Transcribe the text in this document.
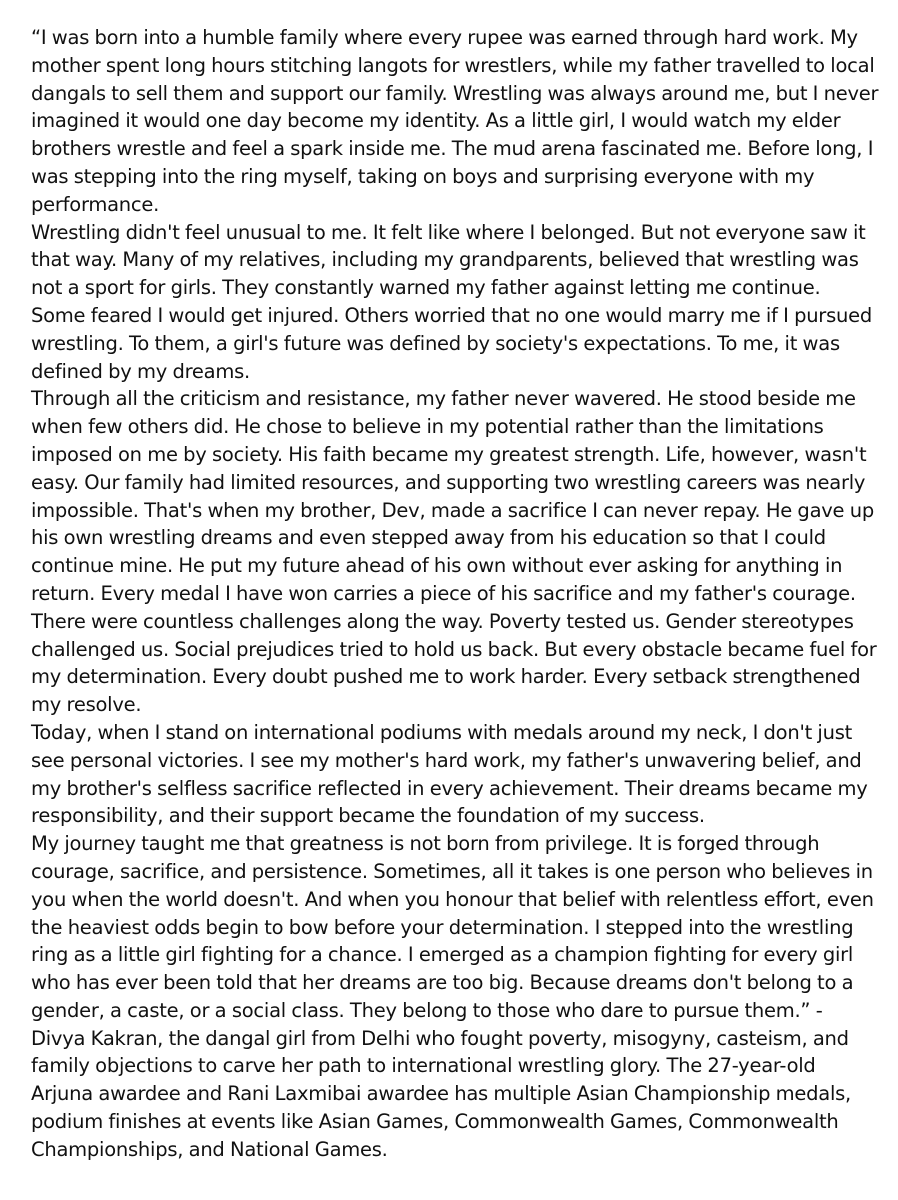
“I was born into a humble family where every rupee was earned through hard work. My mother spent long hours stitching langots for wrestlers, while my father travelled to local dangals to sell them and support our family. Wrestling was always around me, but I never imagined it would one day become my identity. As a little girl, I would watch my elder brothers wrestle and feel a spark inside me. The mud arena fascinated me. Before long, I was stepping into the ring myself, taking on boys and surprising everyone with my performance.

Wrestling didn't feel unusual to me. It felt like where I belonged. But not everyone saw it that way. Many of my relatives, including my grandparents, believed that wrestling was not a sport for girls. They constantly warned my father against letting me continue. Some feared I would get injured. Others worried that no one would marry me if I pursued wrestling. To them, a girl's future was defined by society's expectations. To me, it was defined by my dreams.

Through all the criticism and resistance, my father never wavered. He stood beside me when few others did. He chose to believe in my potential rather than the limitations imposed on me by society. His faith became my greatest strength. Life, however, wasn't easy. Our family had limited resources, and supporting two wrestling careers was nearly impossible. That's when my brother, Dev, made a sacrifice I can never repay. He gave up his own wrestling dreams and even stepped away from his education so that I could continue mine. He put my future ahead of his own without ever asking for anything in return. Every medal I have won carries a piece of his sacrifice and my father's courage. There were countless challenges along the way. Poverty tested us. Gender stereotypes challenged us. Social prejudices tried to hold us back. But every obstacle became fuel for my determination. Every doubt pushed me to work harder. Every setback strengthened my resolve.

Today, when I stand on international podiums with medals around my neck, I don't just see personal victories. I see my mother's hard work, my father's unwavering belief, and my brother's selfless sacrifice reflected in every achievement. Their dreams became my responsibility, and their support became the foundation of my success.

My journey taught me that greatness is not born from privilege. It is forged through courage, sacrifice, and persistence. Sometimes, all it takes is one person who believes in you when the world doesn't. And when you honour that belief with relentless effort, even the heaviest odds begin to bow before your determination. I stepped into the wrestling ring as a little girl fighting for a chance. I emerged as a champion fighting for every girl who has ever been told that her dreams are too big. Because dreams don't belong to a gender, a caste, or a social class. They belong to those who dare to pursue them.” - Divya Kakran, the dangal girl from Delhi who fought poverty, misogyny, casteism, and family objections to carve her path to international wrestling glory. The 27-year-old Arjuna awardee and Rani Laxmibai awardee has multiple Asian Championship medals, podium finishes at events like Asian Games, Commonwealth Games, Commonwealth Championships, and National Games.
